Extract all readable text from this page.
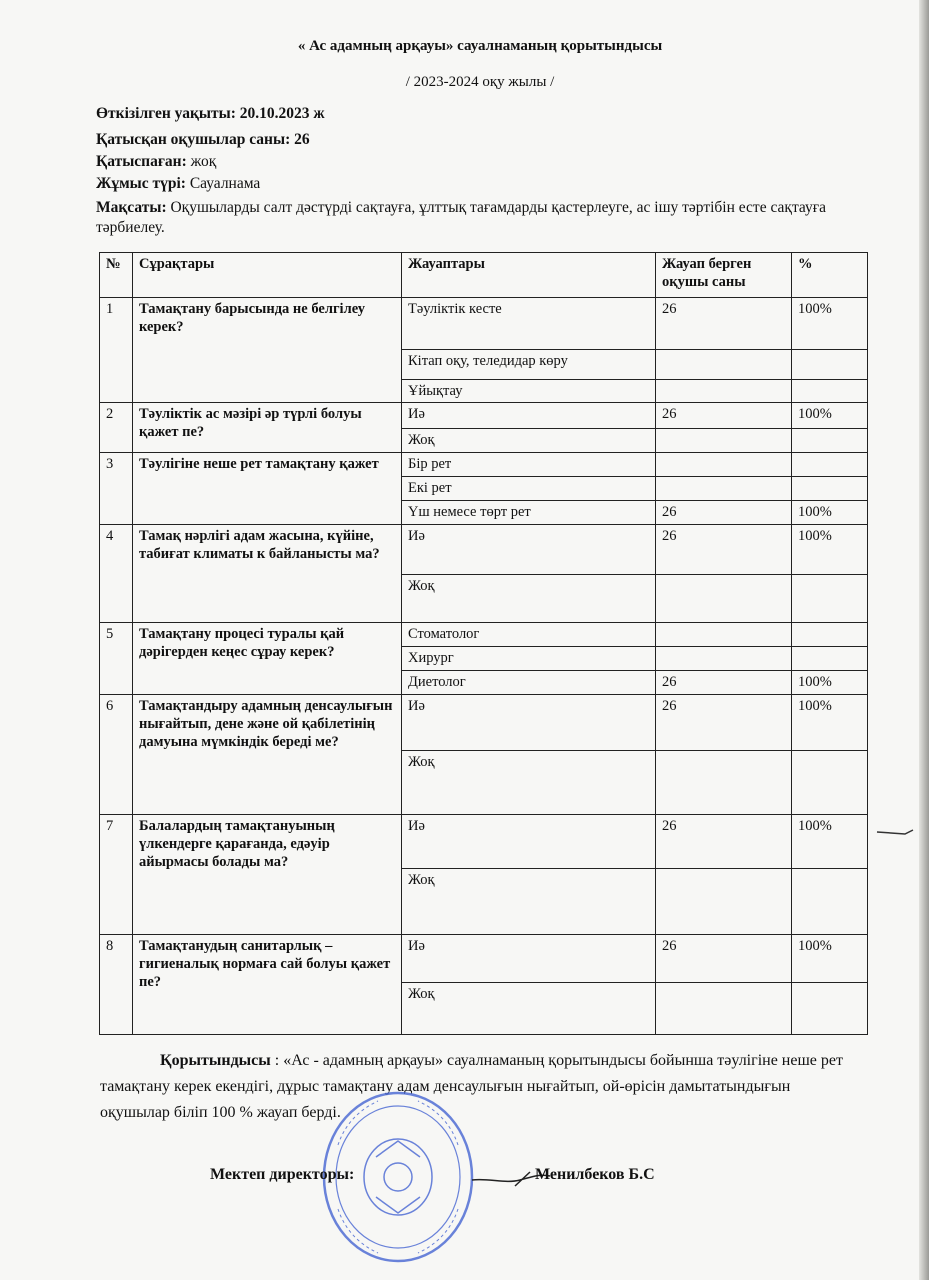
« Ас адамның арқауы» сауалнаманың қорытындысы
/ 2023-2024 оқу жылы /
Өткізілген уақыты: 20.10.2023 ж
Қатысқан оқушылар саны: 26
Қатыспаған: жоқ
Жұмыс түрі: Сауалнама
Мақсаты: Оқушыларды салт дәстүрді сақтауға, ұлттық тағамдарды қастерлеуге, ас ішу тәртібін есте сақтауға тәрбиелеу.
№	Сұрақтары	Жауаптары	Жауап берген оқушы саны	%
1	Тамақтану барысында не белгілеу керек?	Тәуліктік кесте	26	100%
		Кітап оқу, теледидар көру		
		Ұйықтау		
2	Тәуліктік ас мәзірі әр түрлі болуы қажет пе?	Иә	26	100%
		Жоқ		
3	Тәулігіне неше рет тамақтану қажет	Бір рет		
		Екі рет		
		Үш немесе төрт рет	26	100%
4	Тамақ нәрлігі адам жасына, күйіне, табиғат климаты к байланысты ма?	Иә	26	100%
		Жоқ		
5	Тамақтану процесі туралы қай дәрігерден кеңес сұрау керек?	Стоматолог		
		Хирург		
		Диетолог	26	100%
6	Тамақтандыру адамның денсаулығын нығайтып, дене және ой қабілетінің дамуына мүмкіндік береді ме?	Иә	26	100%
		Жоқ		
7	Балалардың тамақтануының үлкендерге қарағанда, едәуір айырмасы болады ма?	Иә	26	100%
		Жоқ		
8	Тамақтанудың санитарлық – гигиеналық нормаға сай болуы қажет пе?	Иә	26	100%
		Жоқ		
Қорытындысы : «Ас - адамның арқауы» сауалнаманың қорытындысы бойынша тәулігіне неше рет тамақтану керек екендігі, дұрыс тамақтану адам денсаулығын нығайтып, ой-өрісін дамытатындығын оқушылар біліп 100 % жауап берді.
Мектеп директоры:	Менилбеков Б.С
